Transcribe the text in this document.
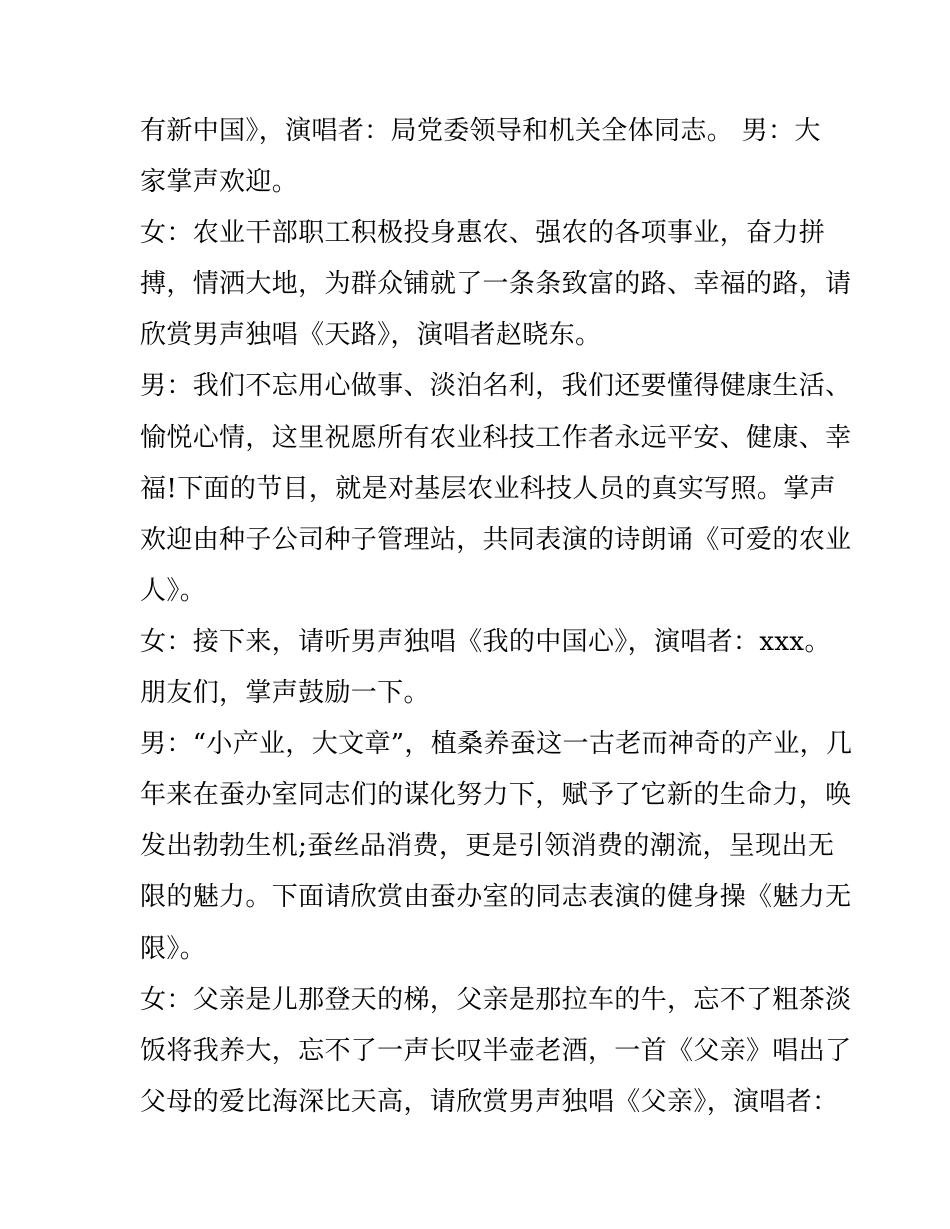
有新中国》，演唱者：局党委领导和机关全体同志。 男：大
家掌声欢迎。
女：农业干部职工积极投身惠农、强农的各项事业，奋力拼
搏，情洒大地，为群众铺就了一条条致富的路、幸福的路，请
欣赏男声独唱《天路》，演唱者赵晓东。
男：我们不忘用心做事、淡泊名利，我们还要懂得健康生活、
愉悦心情，这里祝愿所有农业科技工作者永远平安、健康、幸
福!下面的节目，就是对基层农业科技人员的真实写照。掌声
欢迎由种子公司种子管理站，共同表演的诗朗诵《可爱的农业
人》。
女：接下来，请听男声独唱《我的中国心》，演唱者：xxx。
朋友们，掌声鼓励一下。
男：“小产业，大文章”，植桑养蚕这一古老而神奇的产业，几
年来在蚕办室同志们的谋化努力下，赋予了它新的生命力，唤
发出勃勃生机;蚕丝品消费，更是引领消费的潮流，呈现出无
限的魅力。下面请欣赏由蚕办室的同志表演的健身操《魅力无
限》。
女：父亲是儿那登天的梯，父亲是那拉车的牛，忘不了粗茶淡
饭将我养大，忘不了一声长叹半壶老酒，一首《父亲》唱出了
父母的爱比海深比天高，请欣赏男声独唱《父亲》，演唱者：
